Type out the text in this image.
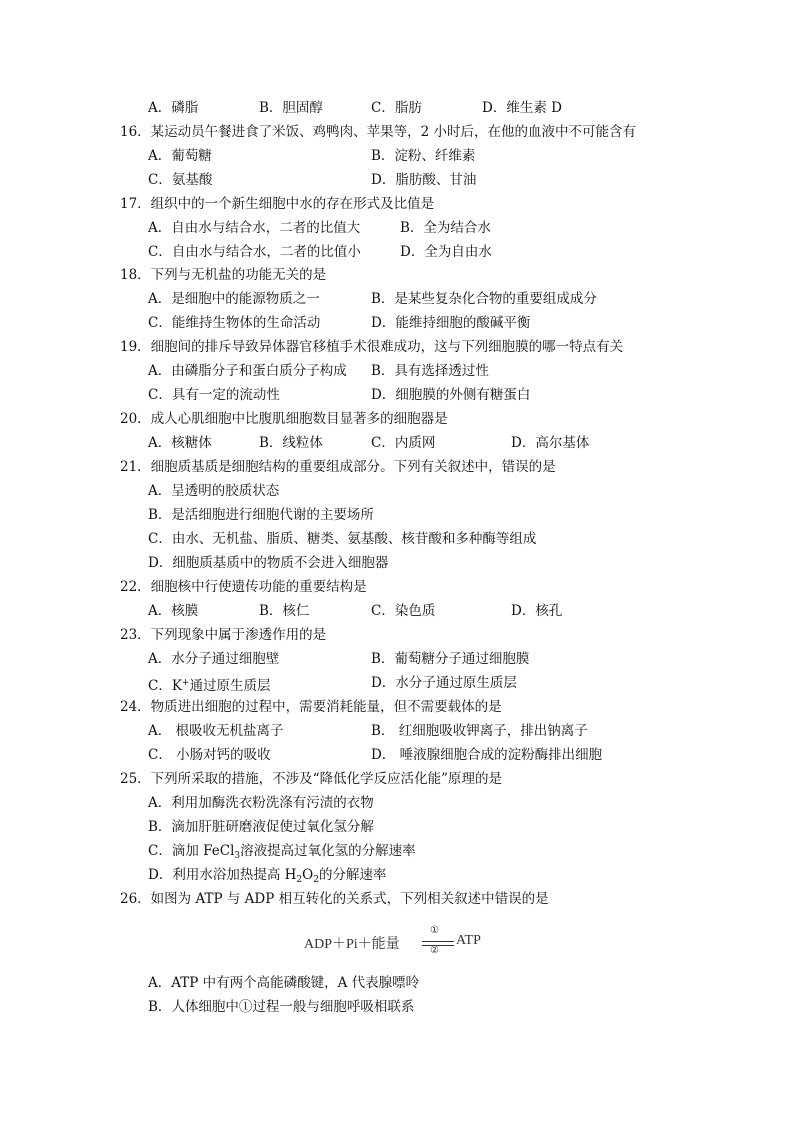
A．磷脂	B．胆固醇	C．脂肪	D．维生素 D
16．某运动员午餐进食了米饭、鸡鸭肉、苹果等，2 小时后，在他的血液中不可能含有
A．葡萄糖	B．淀粉、纤维素
C．氨基酸	D．脂肪酸、甘油
17．组织中的一个新生细胞中水的存在形式及比值是
A．自由水与结合水，二者的比值大	B．全为结合水
C．自由水与结合水，二者的比值小	D．全为自由水
18．下列与无机盐的功能无关的是
A．是细胞中的能源物质之一	B．是某些复杂化合物的重要组成成分
C．能维持生物体的生命活动	D．能维持细胞的酸碱平衡
19．细胞间的排斥导致异体器官移植手术很难成功，这与下列细胞膜的哪一特点有关
A．由磷脂分子和蛋白质分子构成 B．具有选择透过性
C．具有一定的流动性	D．细胞膜的外侧有糖蛋白
20．成人心肌细胞中比腹肌细胞数目显著多的细胞器是
A．核糖体	B．线粒体	C．内质网	D．高尔基体
21．细胞质基质是细胞结构的重要组成部分。下列有关叙述中，错误的是
A．呈透明的胶质状态
B．是活细胞进行细胞代谢的主要场所
C．由水、无机盐、脂质、糖类、氨基酸、核苷酸和多种酶等组成
D．细胞质基质中的物质不会进入细胞器
22．细胞核中行使遗传功能的重要结构是
A．核膜	B．核仁	C．染色质	D．核孔
23．下列现象中属于渗透作用的是
A．水分子通过细胞壁	B．葡萄糖分子通过细胞膜
C．K+通过原生质层	D．水分子通过原生质层
24．物质进出细胞的过程中，需要消耗能量，但不需要载体的是
A． 根吸收无机盐离子	B． 红细胞吸收钾离子，排出钠离子
C． 小肠对钙的吸收	D． 唾液腺细胞合成的淀粉酶排出细胞
25．下列所采取的措施，不涉及“降低化学反应活化能”原理的是
A．利用加酶洗衣粉洗涤有污渍的衣物
B．滴加肝脏研磨液促使过氧化氢分解
C．滴加 FeCl$_3$溶液提高过氧化氢的分解速率
D．利用水浴加热提高 $H_2O_2$的分解速率
26．如图为 ATP 与 ADP 相互转化的关系式，下列相关叙述中错误的是
ADP＋Pi＋能量
①
②
ATP
A．ATP 中有两个高能磷酸键，A 代表腺嘌呤
B．人体细胞中①过程一般与细胞呼吸相联系
